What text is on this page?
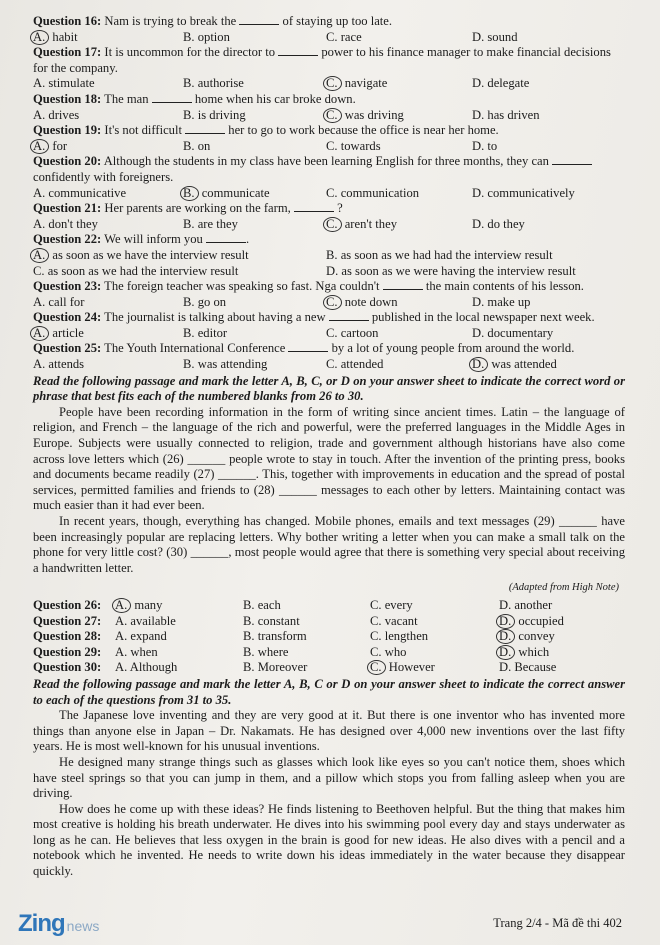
Question 16: Nam is trying to break the	of staying up too late.
A. habit	B. option	C. race	D. sound
Question 17: It is uncommon for the director to	power to his finance manager to make financial decisions for the company.
A. stimulate	B. authorise	C. navigate	D. delegate
Question 18: The man	home when his car broke down.
A. drives	B. is driving	C. was driving	D. has driven
Question 19: It's not difficult	her to go to work because the office is near her home.
A. for	B. on	C. towards	D. to
Question 20: Although the students in my class have been learning English for three months, they can  confidently with foreigners.
A. communicative	B. communicate	C. communication	D. communicatively
Question 21: Her parents are working on the farm,	?
A. don't they	B. are they	C. aren't they	D. do they
Question 22: We will inform you	.
A. as soon as we have the interview result	B. as soon as we had had the interview result
C. as soon as we had the interview result	D. as soon as we were having the interview result
Question 23: The foreign teacher was speaking so fast. Nga couldn't	the main contents of his lesson.
A. call for	B. go on	C. note down	D. make up
Question 24: The journalist is talking about having a new	published in the local newspaper next week.
A. article	B. editor	C. cartoon	D. documentary
Question 25: The Youth International Conference	by a lot of young people from around the world.
A. attends	B. was attending	C. attended	D. was attended
Read the following passage and mark the letter A, B, C, or D on your answer sheet to indicate the correct word or phrase that best fits each of the numbered blanks from 26 to 30.
People have been recording information in the form of writing since ancient times. Latin – the language of religion, and French – the language of the rich and powerful, were the preferred languages in the Middle Ages in Europe. Subjects were usually connected to religion, trade and government although historians have also come across love letters which (26) ______ people wrote to stay in touch. After the invention of the printing press, books and documents became readily (27) ______. This, together with improvements in education and the spread of postal services, permitted families and friends to (28) ______ messages to each other by letters. Maintaining contact was much easier than it had ever been.
In recent years, though, everything has changed. Mobile phones, emails and text messages (29) ______ have been increasingly popular are replacing letters. Why bother writing a letter when you can make a small talk on the phone for very little cost? (30) ______, most people would agree that there is something very special about receiving a handwritten letter.
(Adapted from High Note)
Question 26:	A. many	B. each	C. every	D. another
Question 27:	A. available	B. constant	C. vacant	D. occupied
Question 28:	A. expand	B. transform	C. lengthen	D. convey
Question 29:	A. when	B. where	C. who	D. which
Question 30:	A. Although	B. Moreover	C. However	D. Because
Read the following passage and mark the letter A, B, C or D on your answer sheet to indicate the correct answer to each of the questions from 31 to 35.
The Japanese love inventing and they are very good at it. But there is one inventor who has invented more things than anyone else in Japan – Dr. Nakamats. He has designed over 4,000 new inventions over the last fifty years. He is most well-known for his unusual inventions.
He designed many strange things such as glasses which look like eyes so you can't notice them, shoes which have steel springs so that you can jump in them, and a pillow which stops you from falling asleep when you are driving.
How does he come up with these ideas? He finds listening to Beethoven helpful. But the thing that makes him most creative is holding his breath underwater. He dives into his swimming pool every day and stays underwater as long as he can. He believes that less oxygen in the brain is good for new ideas. He also dives with a pencil and a notebook which he invented. He needs to write down his ideas immediately in the water because they disappear quickly.
Zing news	Trang 2/4 - Mã đề thi 402
